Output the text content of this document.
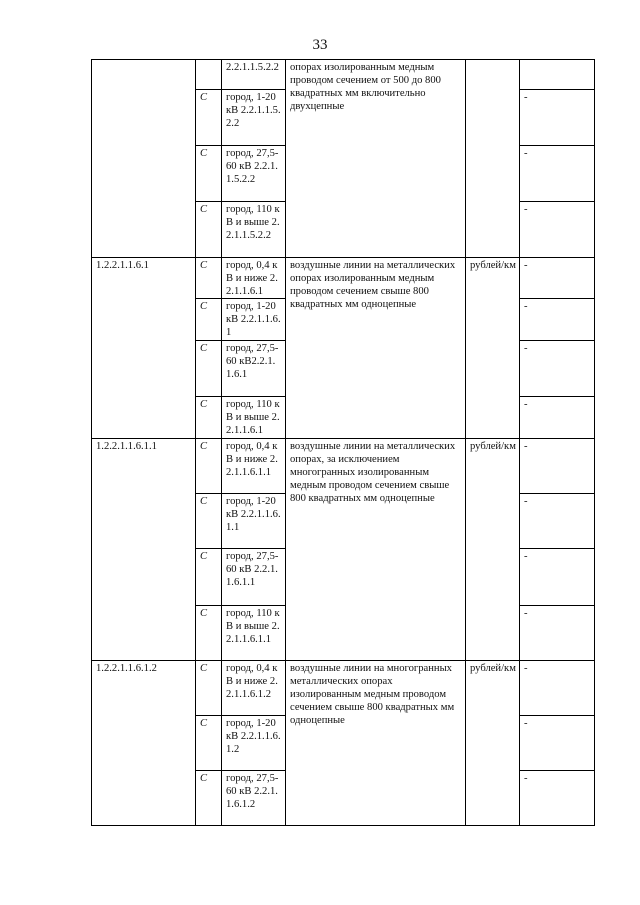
33
		2.2.1.1.5.2.2	опорах изолированным медным проводом сечением от 500 до 800 квадратных мм включительно двухцепные		
	С	город, 1-20 кВ 2.2.1.1.5.2.2			-
	С	город, 27,5-60 кВ 2.2.1.1.5.2.2			-
	С	город, 110 кВ и выше 2.2.1.1.5.2.2			-
1.2.2.1.1.6.1	С	город, 0,4 кВ и ниже 2.2.1.1.6.1	воздушные линии на металлических опорах изолированным медным проводом сечением свыше 800 квадратных мм одноцепные	рублей/км	-
	С	город, 1-20 кВ 2.2.1.1.6.1			-
	С	город, 27,5-60 кВ2.2.1.1.6.1			-
	С	город, 110 кВ и выше 2.2.1.1.6.1			-
1.2.2.1.1.6.1.1	С	город, 0,4 кВ и ниже 2.2.1.1.6.1.1	воздушные линии на металлических опорах, за исключением многогранных изолированным медным проводом сечением свыше 800 квадратных мм одноцепные	рублей/км	-
	С	город, 1-20 кВ 2.2.1.1.6.1.1			-
	С	город, 27,5-60 кВ 2.2.1.1.6.1.1			-
	С	город, 110 кВ и выше 2.2.1.1.6.1.1			-
1.2.2.1.1.6.1.2	С	город, 0,4 кВ и ниже 2.2.1.1.6.1.2	воздушные линии на многогранных металлических опорах изолированным медным проводом сечением свыше 800 квадратных мм одноцепные	рублей/км	-
	С	город, 1-20 кВ 2.2.1.1.6.1.2			-
	С	город, 27,5-60 кВ 2.2.1.1.6.1.2			-
